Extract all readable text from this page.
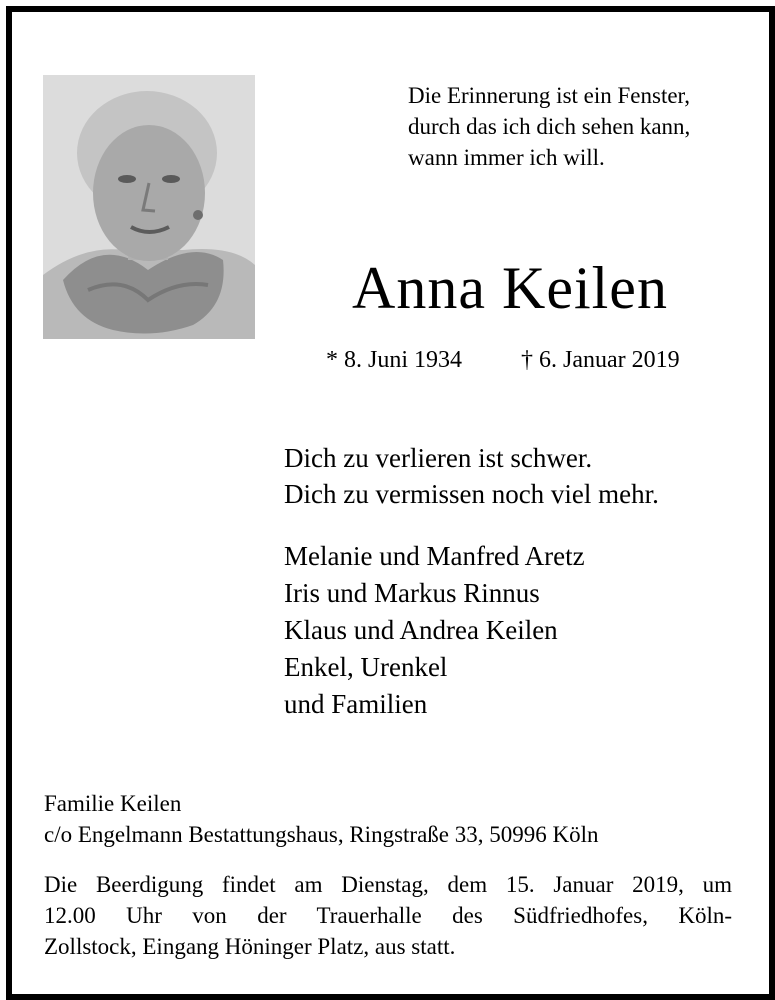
Die Erinnerung ist ein Fenster,
durch das ich dich sehen kann,
wann immer ich will.
Anna Keilen
* 8. Juni 1934 † 6. Januar 2019
Dich zu verlieren ist schwer.
Dich zu vermissen noch viel mehr.
Melanie und Manfred Aretz
Iris und Markus Rinnus
Klaus und Andrea Keilen
Enkel, Urenkel
und Familien
Familie Keilen
c/o Engelmann Bestattungshaus, Ringstraße 33, 50996 Köln
Die Beerdigung findet am Dienstag, dem 15. Januar 2019, um
12.00 Uhr von der Trauerhalle des Südfriedhofes, Köln-
Zollstock, Eingang Höninger Platz, aus statt.
